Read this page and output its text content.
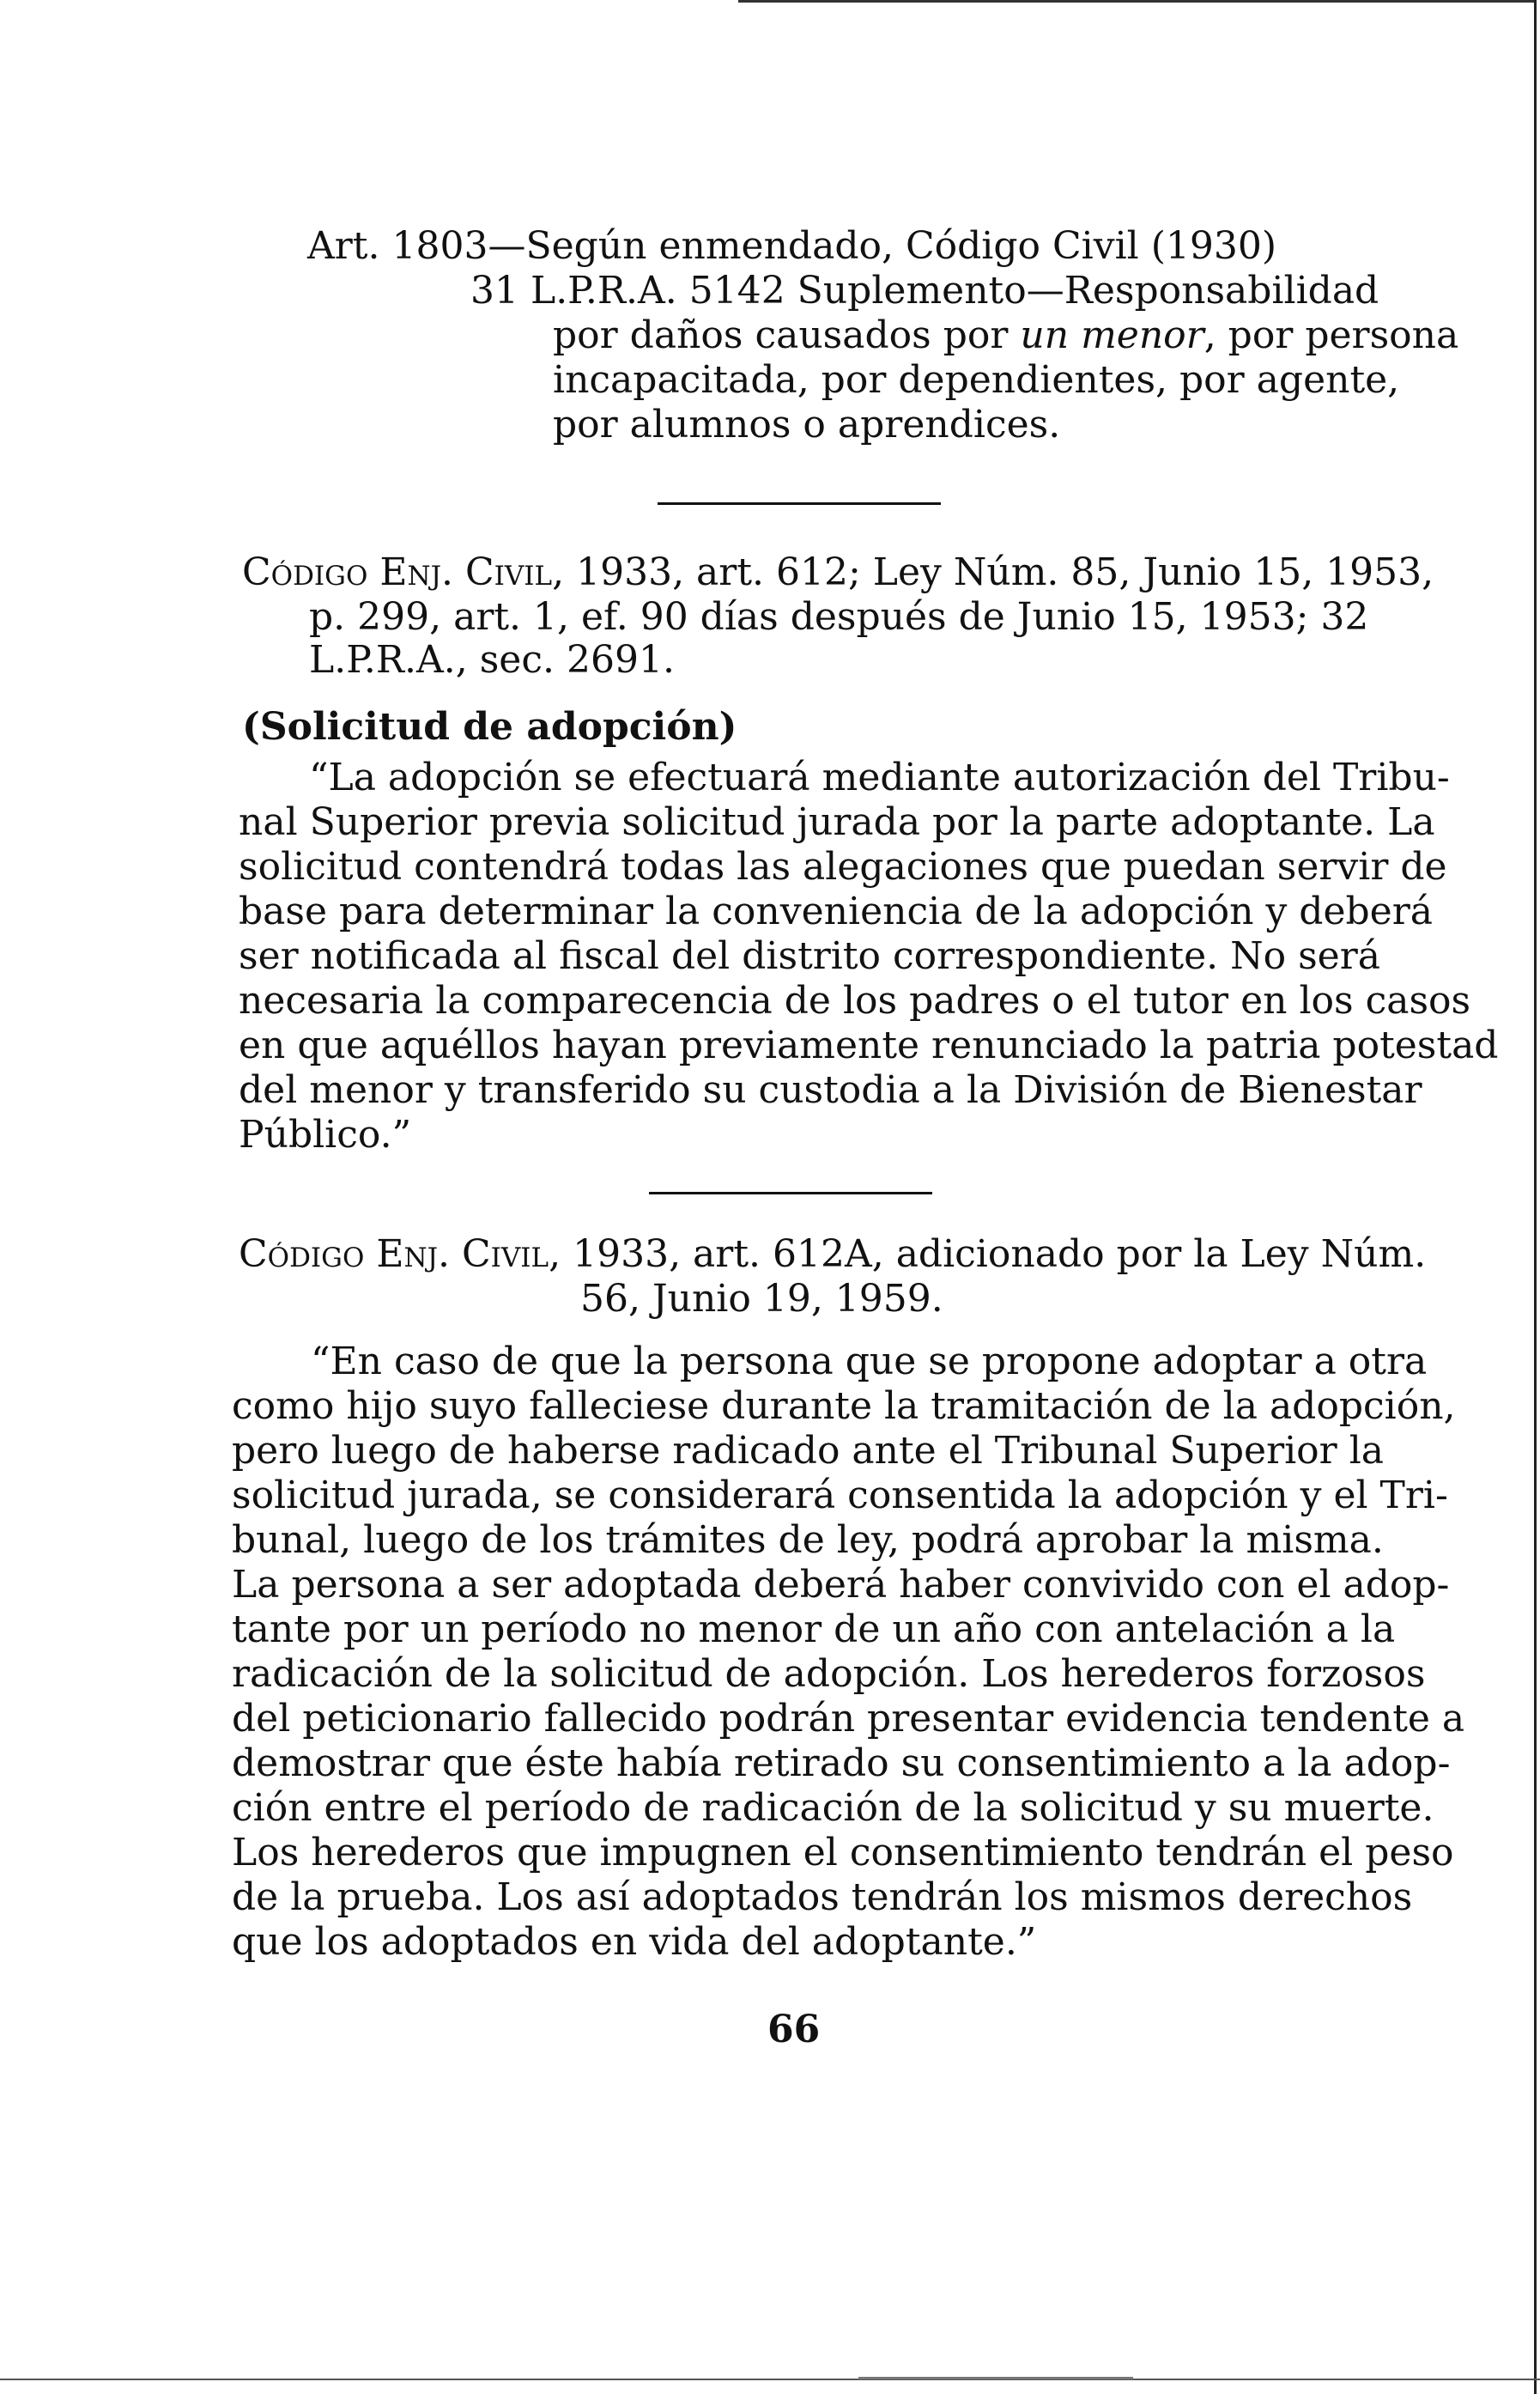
Art. 1803—Según enmendado, Código Civil (1930)
31 L.P.R.A. 5142 Suplemento—Responsabilidad
por daños causados por un menor, por persona
incapacitada, por dependientes, por agente,
por alumnos o aprendices.
Código Enj. Civil, 1933, art. 612; Ley Núm. 85, Junio 15, 1953,
p. 299, art. 1, ef. 90 días después de Junio 15, 1953; 32
L.P.R.A., sec. 2691.
(Solicitud de adopción)
“La adopción se efectuará mediante autorización del Tribu-
nal Superior previa solicitud jurada por la parte adoptante. La
solicitud contendrá todas las alegaciones que puedan servir de
base para determinar la conveniencia de la adopción y deberá
ser notificada al fiscal del distrito correspondiente. No será
necesaria la comparecencia de los padres o el tutor en los casos
en que aquéllos hayan previamente renunciado la patria potestad
del menor y transferido su custodia a la División de Bienestar
Público.”
Código Enj. Civil, 1933, art. 612A, adicionado por la Ley Núm.
56, Junio 19, 1959.
“En caso de que la persona que se propone adoptar a otra
como hijo suyo falleciese durante la tramitación de la adopción,
pero luego de haberse radicado ante el Tribunal Superior la
solicitud jurada, se considerará consentida la adopción y el Tri-
bunal, luego de los trámites de ley, podrá aprobar la misma.
La persona a ser adoptada deberá haber convivido con el adop-
tante por un período no menor de un año con antelación a la
radicación de la solicitud de adopción. Los herederos forzosos
del peticionario fallecido podrán presentar evidencia tendente a
demostrar que éste había retirado su consentimiento a la adop-
ción entre el período de radicación de la solicitud y su muerte.
Los herederos que impugnen el consentimiento tendrán el peso
de la prueba. Los así adoptados tendrán los mismos derechos
que los adoptados en vida del adoptante.”
66
